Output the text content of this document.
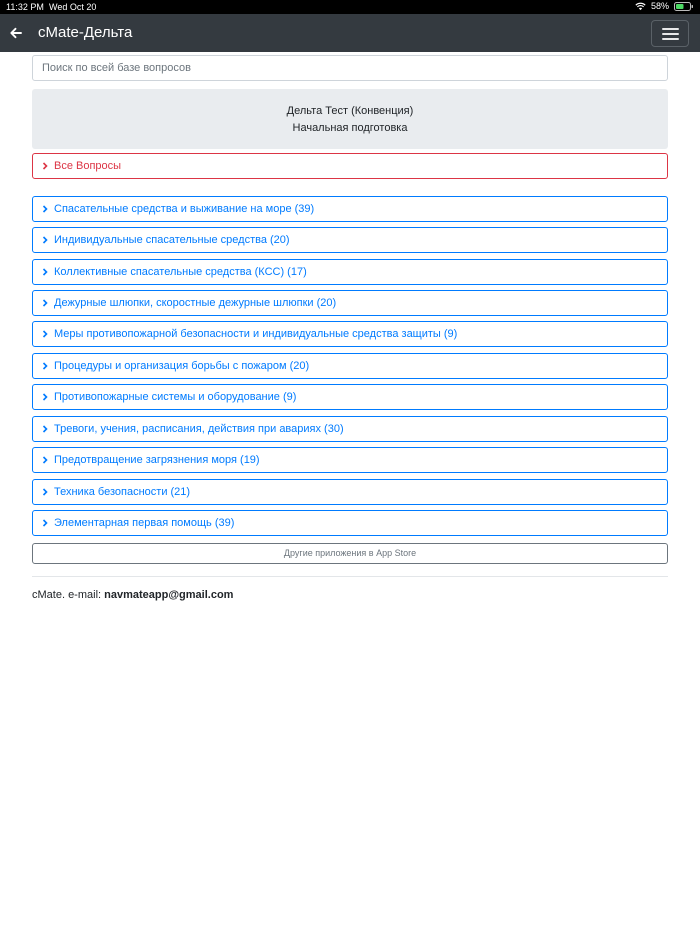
11:32 PM Wed Oct 20	58%
сMate-Дельта
Поиск по всей базе вопросов
Дельта Тест (Конвенция)
Начальная подготовка
Все Вопросы
Спасательные средства и выживание на море (39)
Индивидуальные спасательные средства (20)
Коллективные спасательные средства (КСС) (17)
Дежурные шлюпки, скоростные дежурные шлюпки (20)
Меры противопожарной безопасности и индивидуальные средства защиты (9)
Процедуры и организация борьбы с пожаром (20)
Противопожарные системы и оборудование (9)
Тревоги, учения, расписания, действия при авариях (30)
Предотвращение загрязнения моря (19)
Техника безопасности (21)
Элементарная первая помощь (39)
Другие приложения в App Store
сMate. e-mail: navmateapp@gmail.com
